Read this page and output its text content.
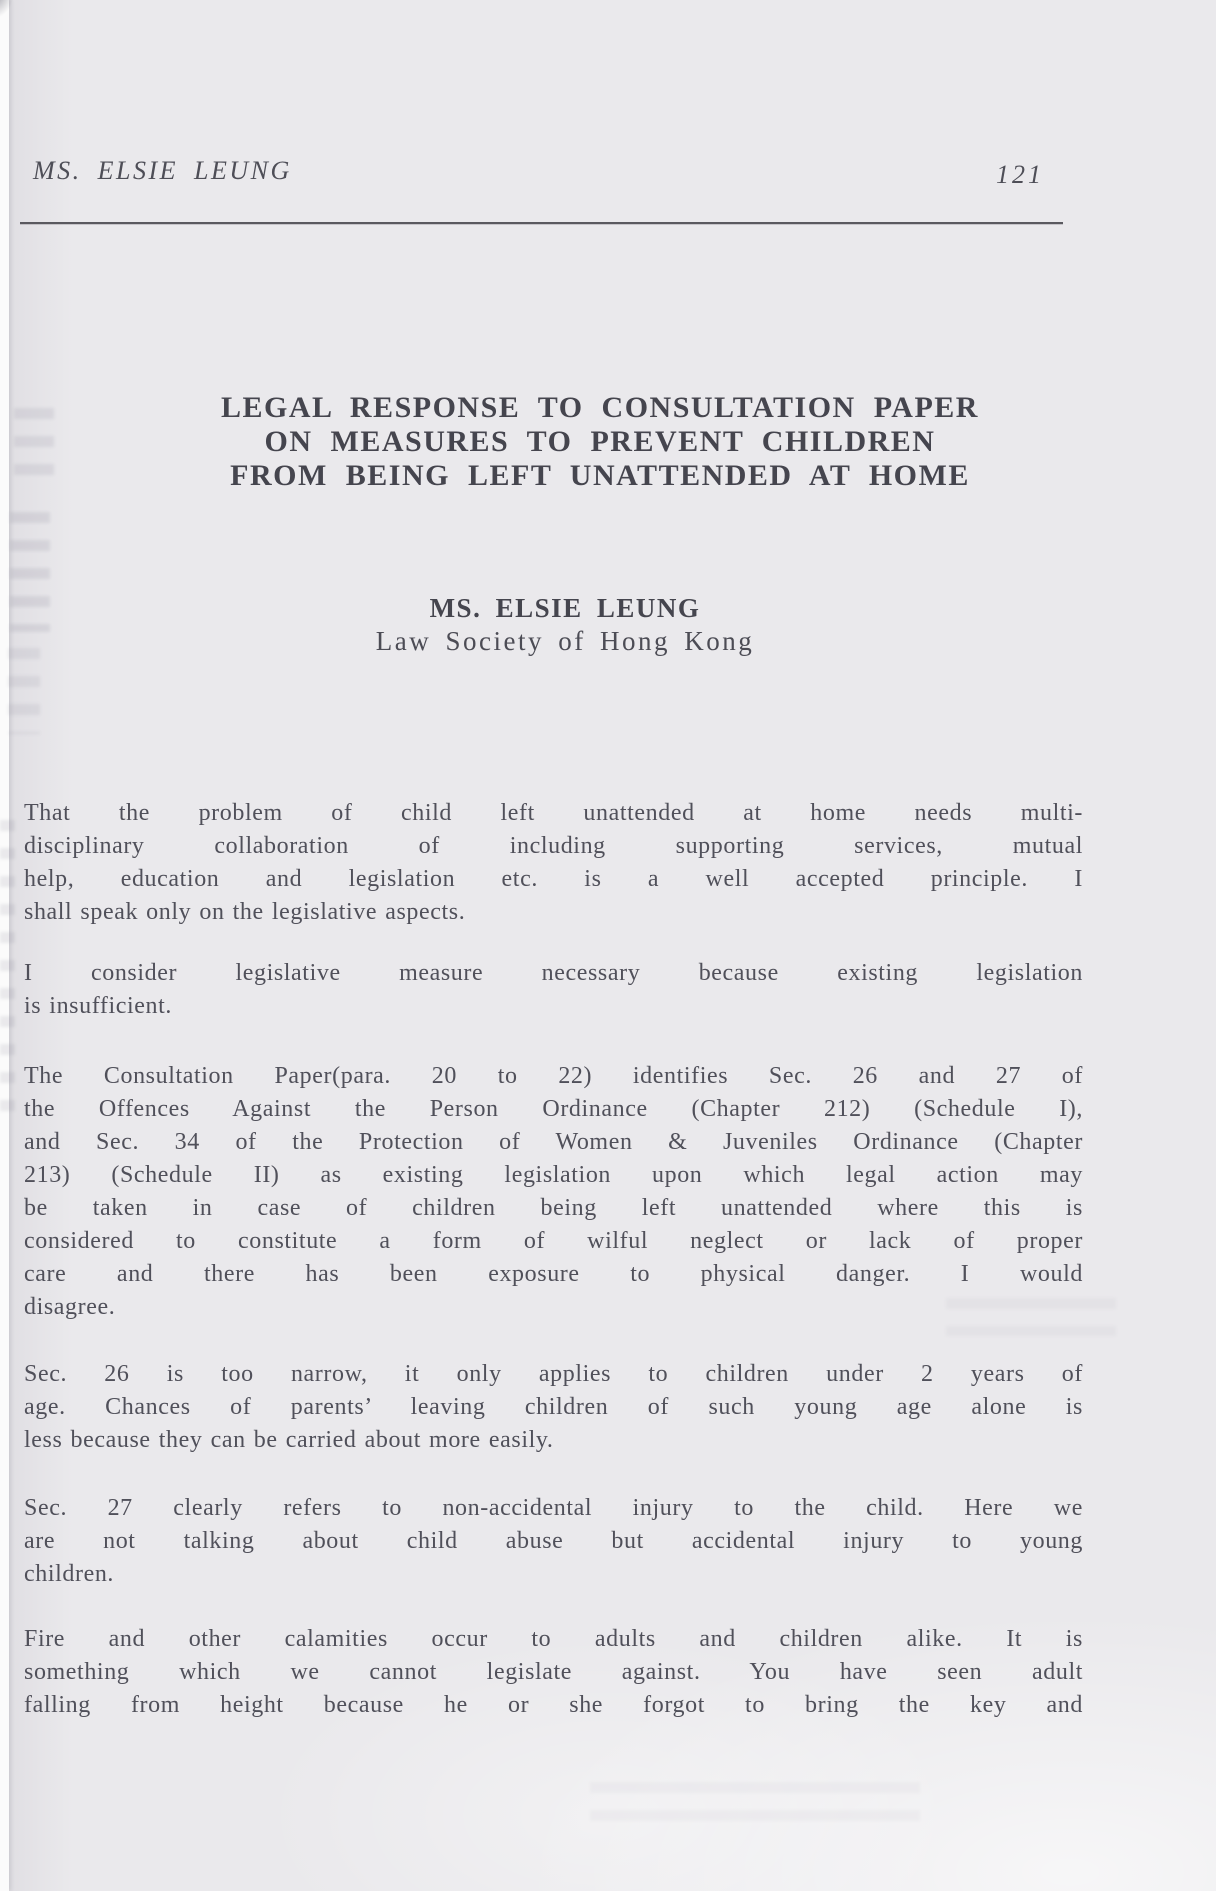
MS. ELSIE LEUNG	121
LEGAL RESPONSE TO CONSULTATION PAPER
ON MEASURES TO PREVENT CHILDREN
FROM BEING LEFT UNATTENDED AT HOME
MS. ELSIE LEUNG
Law Society of Hong Kong
That the problem of child left unattended at home needs multi-
disciplinary collaboration of including supporting services, mutual
help, education and legislation etc. is a well accepted principle. I
shall speak only on the legislative aspects.
I consider legislative measure necessary because existing legislation
is insufficient.
The Consultation Paper(para. 20 to 22) identifies Sec. 26 and 27 of
the Offences Against the Person Ordinance (Chapter 212) (Schedule I),
and Sec. 34 of the Protection of Women & Juveniles Ordinance (Chapter
213) (Schedule II) as existing legislation upon which legal action may
be taken in case of children being left unattended where this is
considered to constitute a form of wilful neglect or lack of proper
care and there has been exposure to physical danger. I would
disagree.
Sec. 26 is too narrow, it only applies to children under 2 years of
age. Chances of parents’ leaving children of such young age alone is
less because they can be carried about more easily.
Sec. 27 clearly refers to non-accidental injury to the child. Here we
are not talking about child abuse but accidental injury to young
children.
Fire and other calamities occur to adults and children alike. It is
something which we cannot legislate against. You have seen adult
falling from height because he or she forgot to bring the key and
